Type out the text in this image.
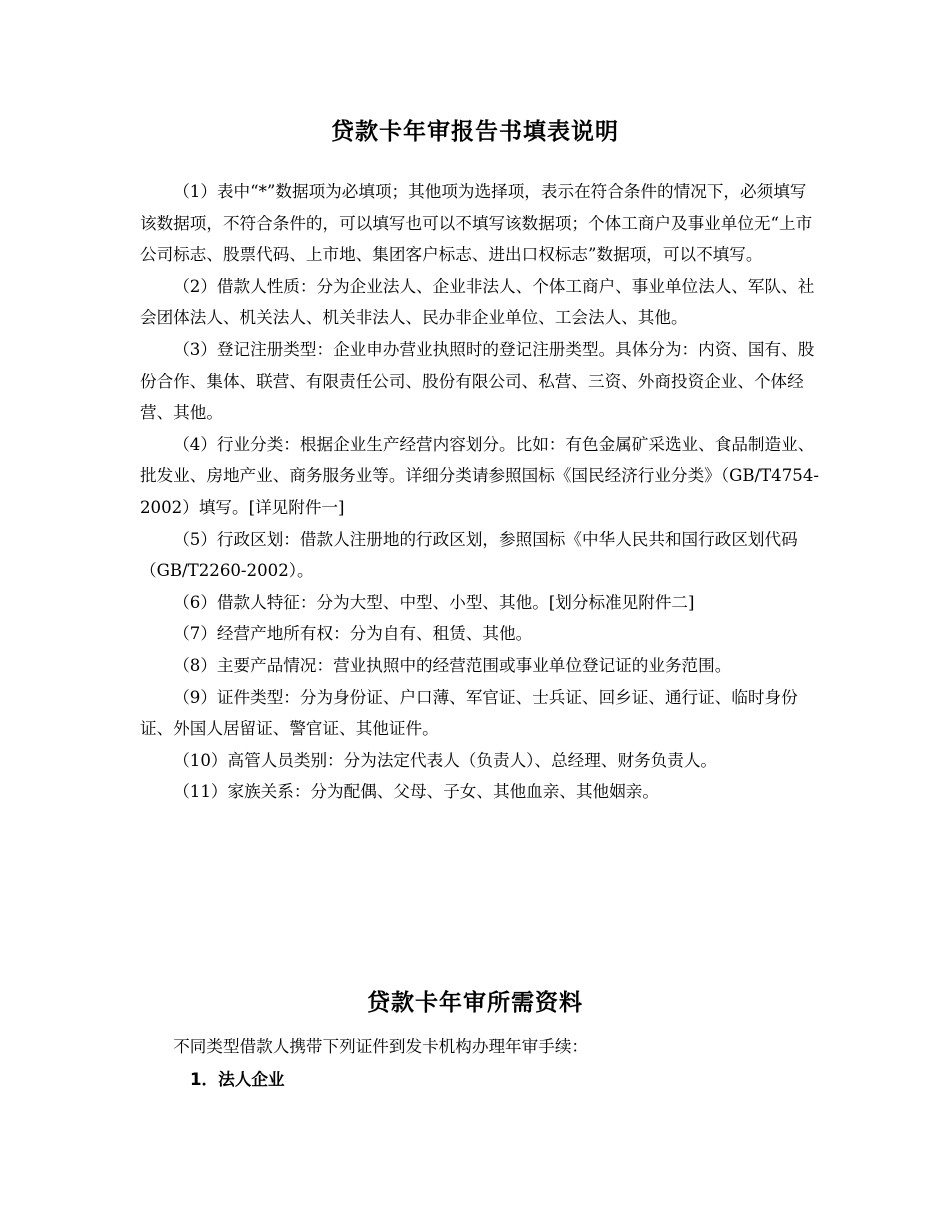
贷款卡年审报告书填表说明

（1）表中“*”数据项为必填项；其他项为选择项，表示在符合条件的情况下，必须填写该数据项，不符合条件的，可以填写也可以不填写该数据项；个体工商户及事业单位无“上市公司标志、股票代码、上市地、集团客户标志、进出口权标志”数据项，可以不填写。

（2）借款人性质：分为企业法人、企业非法人、个体工商户、事业单位法人、军队、社会团体法人、机关法人、机关非法人、民办非企业单位、工会法人、其他。

（3）登记注册类型：企业申办营业执照时的登记注册类型。具体分为：内资、国有、股份合作、集体、联营、有限责任公司、股份有限公司、私营、三资、外商投资企业、个体经营、其他。

（4）行业分类：根据企业生产经营内容划分。比如：有色金属矿采选业、食品制造业、批发业、房地产业、商务服务业等。详细分类请参照国标《国民经济行业分类》（GB/T4754-2002）填写。[详见附件一]

（5）行政区划：借款人注册地的行政区划，参照国标《中华人民共和国行政区划代码（GB/T2260-2002）。

（6）借款人特征：分为大型、中型、小型、其他。[划分标准见附件二]

（7）经营产地所有权：分为自有、租赁、其他。

（8）主要产品情况：营业执照中的经营范围或事业单位登记证的业务范围。

（9）证件类型：分为身份证、户口薄、军官证、士兵证、回乡证、通行证、临时身份证、外国人居留证、警官证、其他证件。

（10）高管人员类别：分为法定代表人（负责人）、总经理、财务负责人。

（11）家族关系：分为配偶、父母、子女、其他血亲、其他姻亲。

贷款卡年审所需资料

不同类型借款人携带下列证件到发卡机构办理年审手续：

1．法人企业
